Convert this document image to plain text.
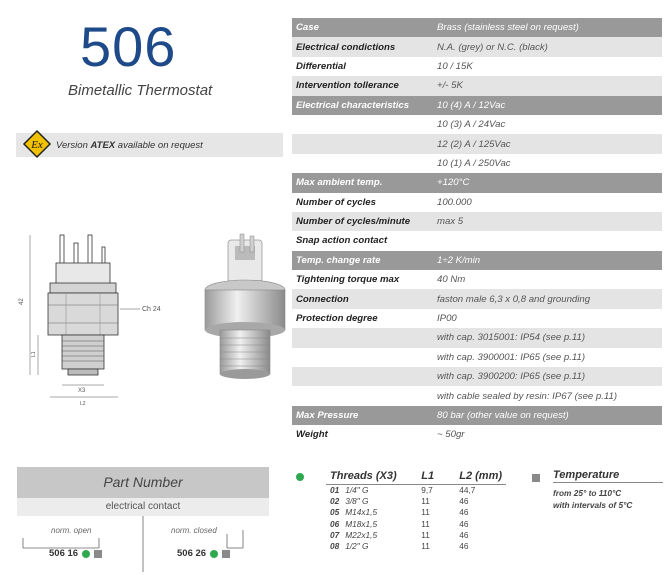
506
Bimetallic Thermostat
Ex Version ATEX available on request
Case	Brass (stainless steel on request)
Electrical condictions	N.A. (grey) or N.C. (black)
Differential	10 / 15K
Intervention tollerance	+/- 5K
Electrical characteristics	10 (4) A / 12Vac
	10 (3) A / 24Vac
	12 (2) A / 125Vac
	10 (1) A / 250Vac
Max ambient temp.	+120°C
Number of cycles	100.000
Number of cycles/minute	max 5
Snap action contact	
Temp. change rate	1÷2 K/min
Tightening torque max	40 Nm
Connection	faston male 6,3 x 0,8 and grounding
Protection degree	IP00
	with cap. 3015001: IP54 (see p.11)
	with cap. 3900001: IP65 (see p.11)
	with cap. 3900200: IP65 (see p.11)
	with cable sealed by resin: IP67 (see p.11)
Max Pressure	80 bar (other value on request)
Weight	~ 50gr
42
L1
Ch 24
X3
L2
Part Number
electrical contact
norm. open	norm. closed
506 16	506 26
Threads (X3)		L1	L2 (mm)
01	1/4" G	9,7	44,7
02	3/8" G	11	46
05	M14x1,5	11	46
06	M18x1,5	11	46
07	M22x1,5	11	46
08	1/2" G	11	46
Temperature
from 25° to 110°C
with intervals of 5°C
